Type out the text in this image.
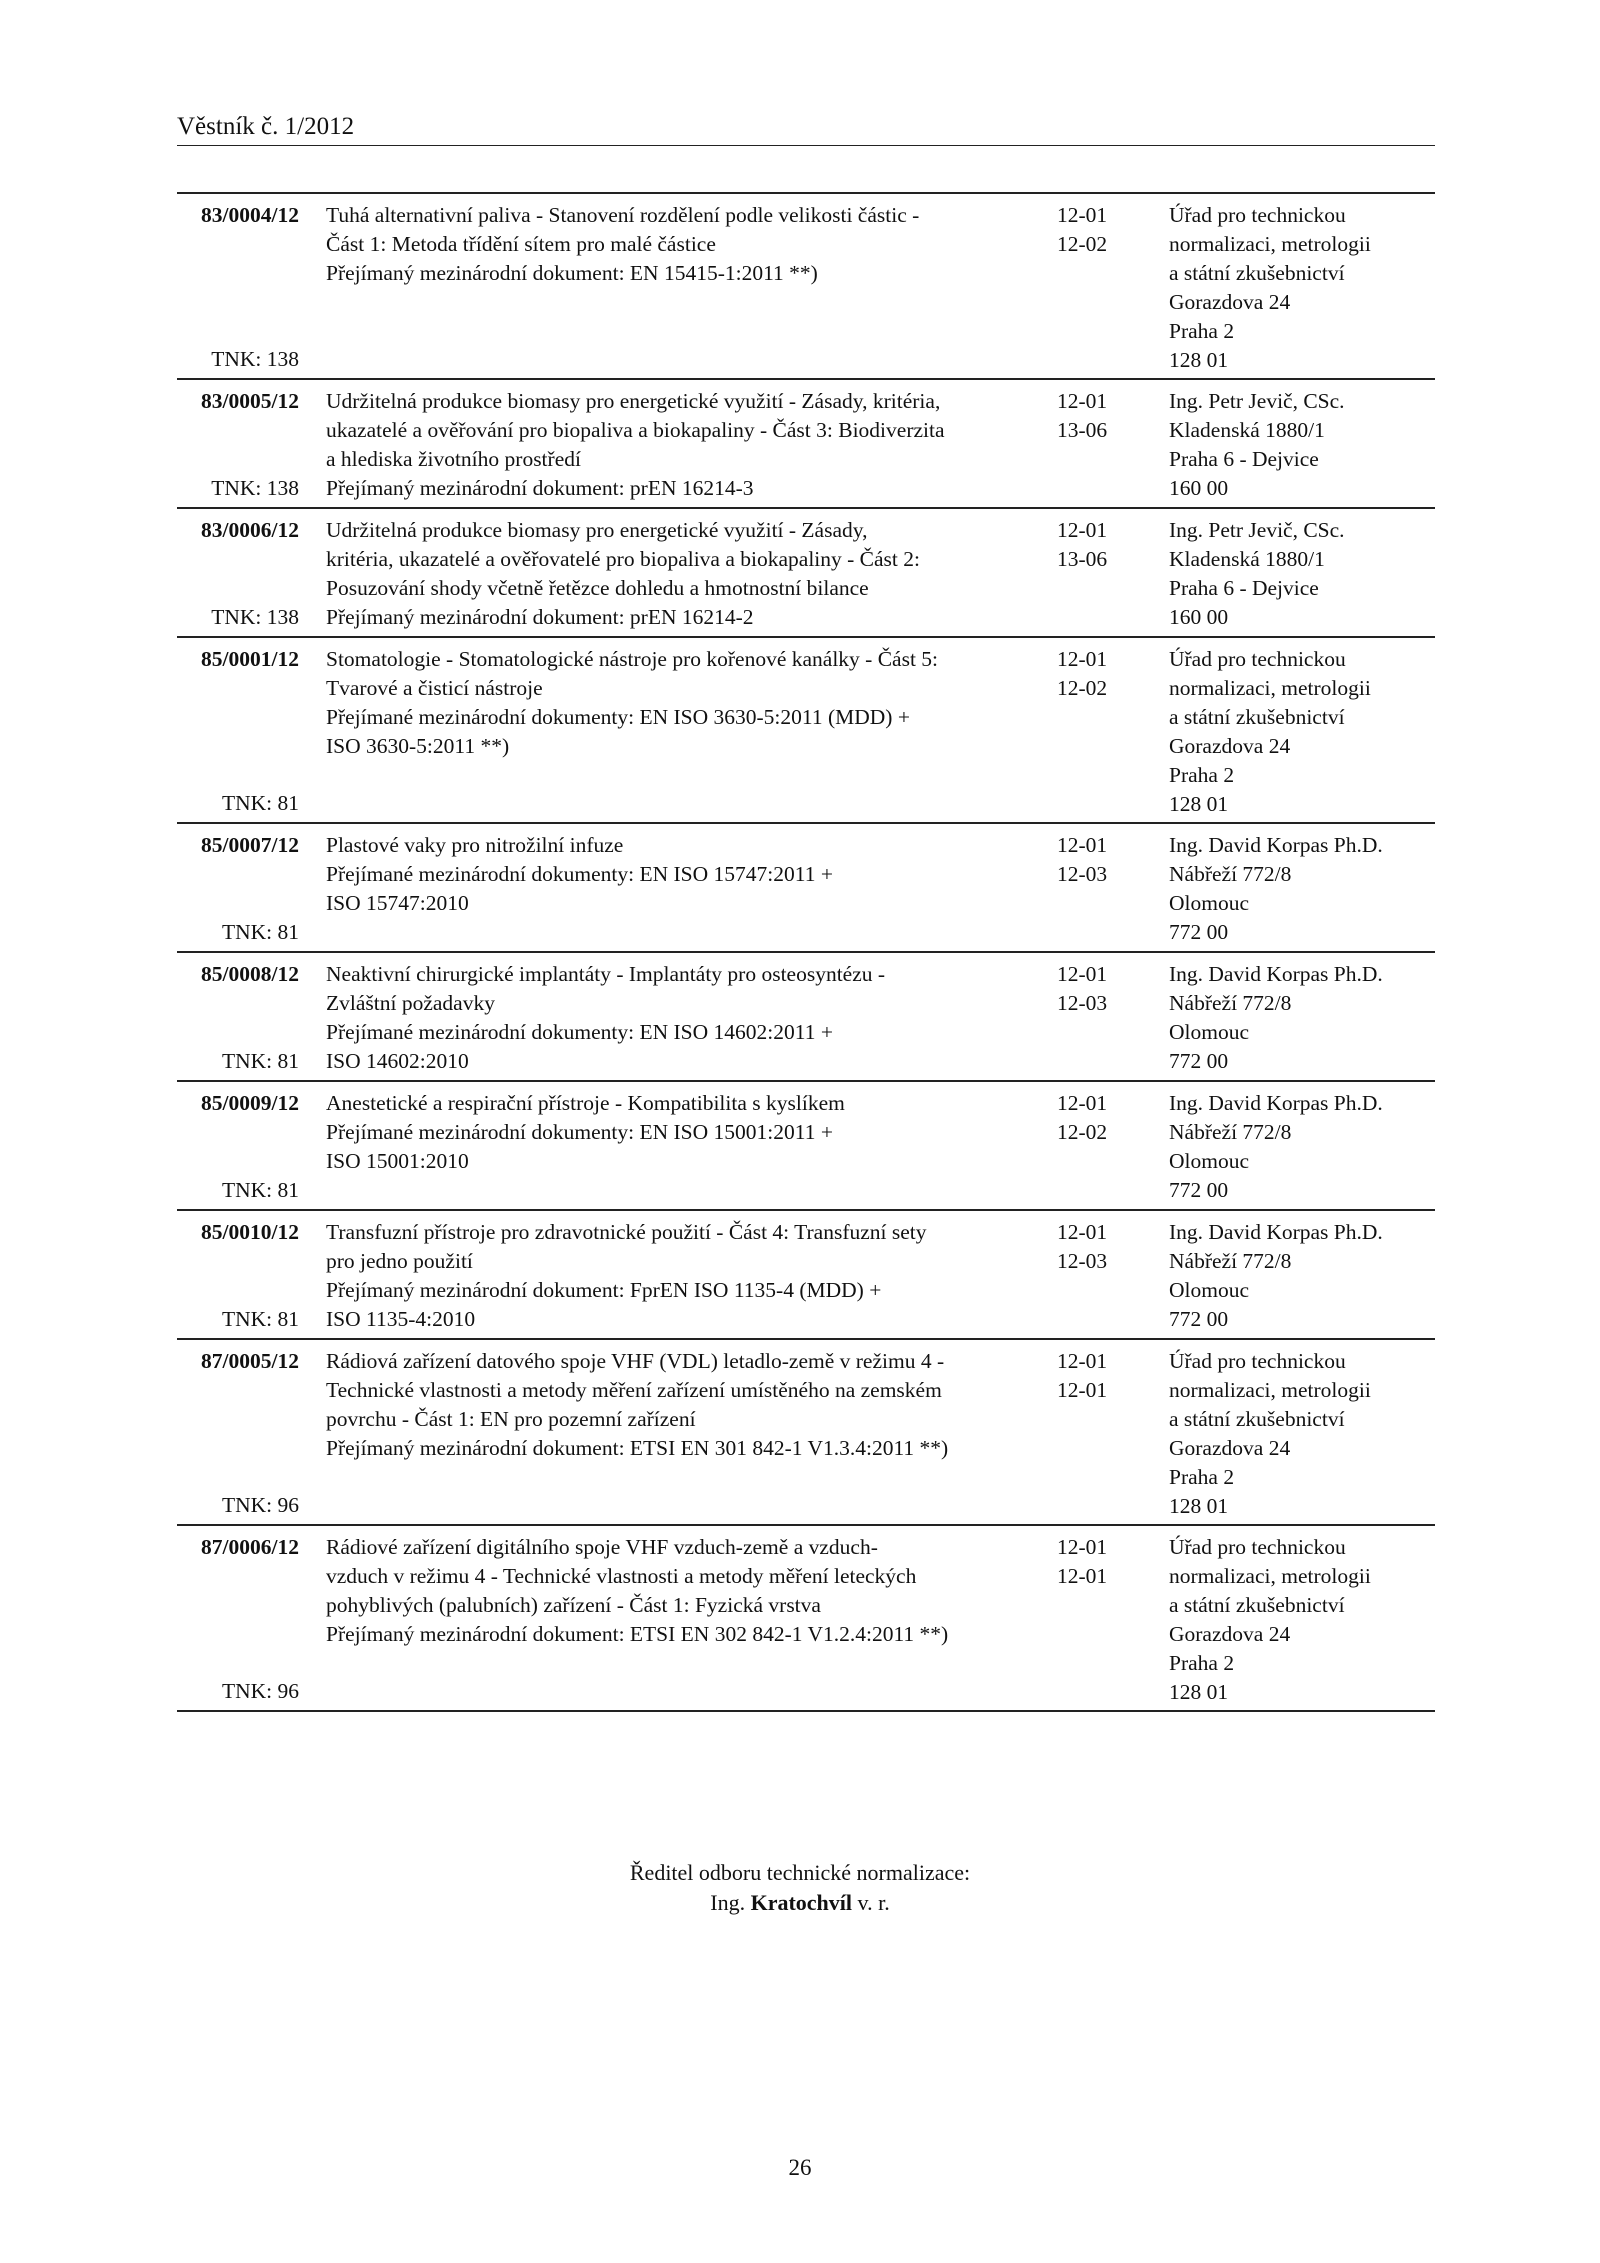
Věstník č. 1/2012
83/0004/12
TNK: 138
Tuhá alternativní paliva - Stanovení rozdělení podle velikosti částic -
Část 1: Metoda třídění sítem pro malé částice
Přejímaný mezinárodní dokument: EN 15415-1:2011 **)
12-01
12-02
Úřad pro technickou
normalizaci, metrologii
a státní zkušebnictví
Gorazdova 24
Praha 2
128 01
83/0005/12
TNK: 138
Udržitelná produkce biomasy pro energetické využití - Zásady, kritéria,
ukazatelé a ověřování pro biopaliva a biokapaliny - Část 3: Biodiverzita
a hlediska životního prostředí
Přejímaný mezinárodní dokument: prEN 16214-3
12-01
13-06
Ing. Petr Jevič, CSc.
Kladenská 1880/1
Praha 6 - Dejvice
160 00
83/0006/12
TNK: 138
Udržitelná produkce biomasy pro energetické využití - Zásady,
kritéria, ukazatelé a ověřovatelé pro biopaliva a biokapaliny - Část 2:
Posuzování shody včetně řetězce dohledu a hmotnostní bilance
Přejímaný mezinárodní dokument: prEN 16214-2
12-01
13-06
Ing. Petr Jevič, CSc.
Kladenská 1880/1
Praha 6 - Dejvice
160 00
85/0001/12
TNK: 81
Stomatologie - Stomatologické nástroje pro kořenové kanálky - Část 5:
Tvarové a čisticí nástroje
Přejímané mezinárodní dokumenty: EN ISO 3630-5:2011 (MDD) +
ISO 3630-5:2011 **)
12-01
12-02
Úřad pro technickou
normalizaci, metrologii
a státní zkušebnictví
Gorazdova 24
Praha 2
128 01
85/0007/12
TNK: 81
Plastové vaky pro nitrožilní infuze
Přejímané mezinárodní dokumenty: EN ISO 15747:2011 +
ISO 15747:2010
12-01
12-03
Ing. David Korpas Ph.D.
Nábřeží 772/8
Olomouc
772 00
85/0008/12
TNK: 81
Neaktivní chirurgické implantáty - Implantáty pro osteosyntézu -
Zvláštní požadavky
Přejímané mezinárodní dokumenty: EN ISO 14602:2011 +
ISO 14602:2010
12-01
12-03
Ing. David Korpas Ph.D.
Nábřeží 772/8
Olomouc
772 00
85/0009/12
TNK: 81
Anestetické a respirační přístroje - Kompatibilita s kyslíkem
Přejímané mezinárodní dokumenty: EN ISO 15001:2011 +
ISO 15001:2010
12-01
12-02
Ing. David Korpas Ph.D.
Nábřeží 772/8
Olomouc
772 00
85/0010/12
TNK: 81
Transfuzní přístroje pro zdravotnické použití - Část 4: Transfuzní sety
pro jedno použití
Přejímaný mezinárodní dokument: FprEN ISO 1135-4 (MDD) +
ISO 1135-4:2010
12-01
12-03
Ing. David Korpas Ph.D.
Nábřeží 772/8
Olomouc
772 00
87/0005/12
TNK: 96
Rádiová zařízení datového spoje VHF (VDL) letadlo-země v režimu 4 -
Technické vlastnosti a metody měření zařízení umístěného na zemském
povrchu - Část 1: EN pro pozemní zařízení
Přejímaný mezinárodní dokument: ETSI EN 301 842-1 V1.3.4:2011 **)
12-01
12-01
Úřad pro technickou
normalizaci, metrologii
a státní zkušebnictví
Gorazdova 24
Praha 2
128 01
87/0006/12
TNK: 96
Rádiové zařízení digitálního spoje VHF vzduch-země a vzduch-
vzduch v režimu 4 - Technické vlastnosti a metody měření leteckých
pohyblivých (palubních) zařízení - Část 1: Fyzická vrstva
Přejímaný mezinárodní dokument: ETSI EN 302 842-1 V1.2.4:2011 **)
12-01
12-01
Úřad pro technickou
normalizaci, metrologii
a státní zkušebnictví
Gorazdova 24
Praha 2
128 01
Ředitel odboru technické normalizace:
Ing. Kratochvíl v. r.
26
